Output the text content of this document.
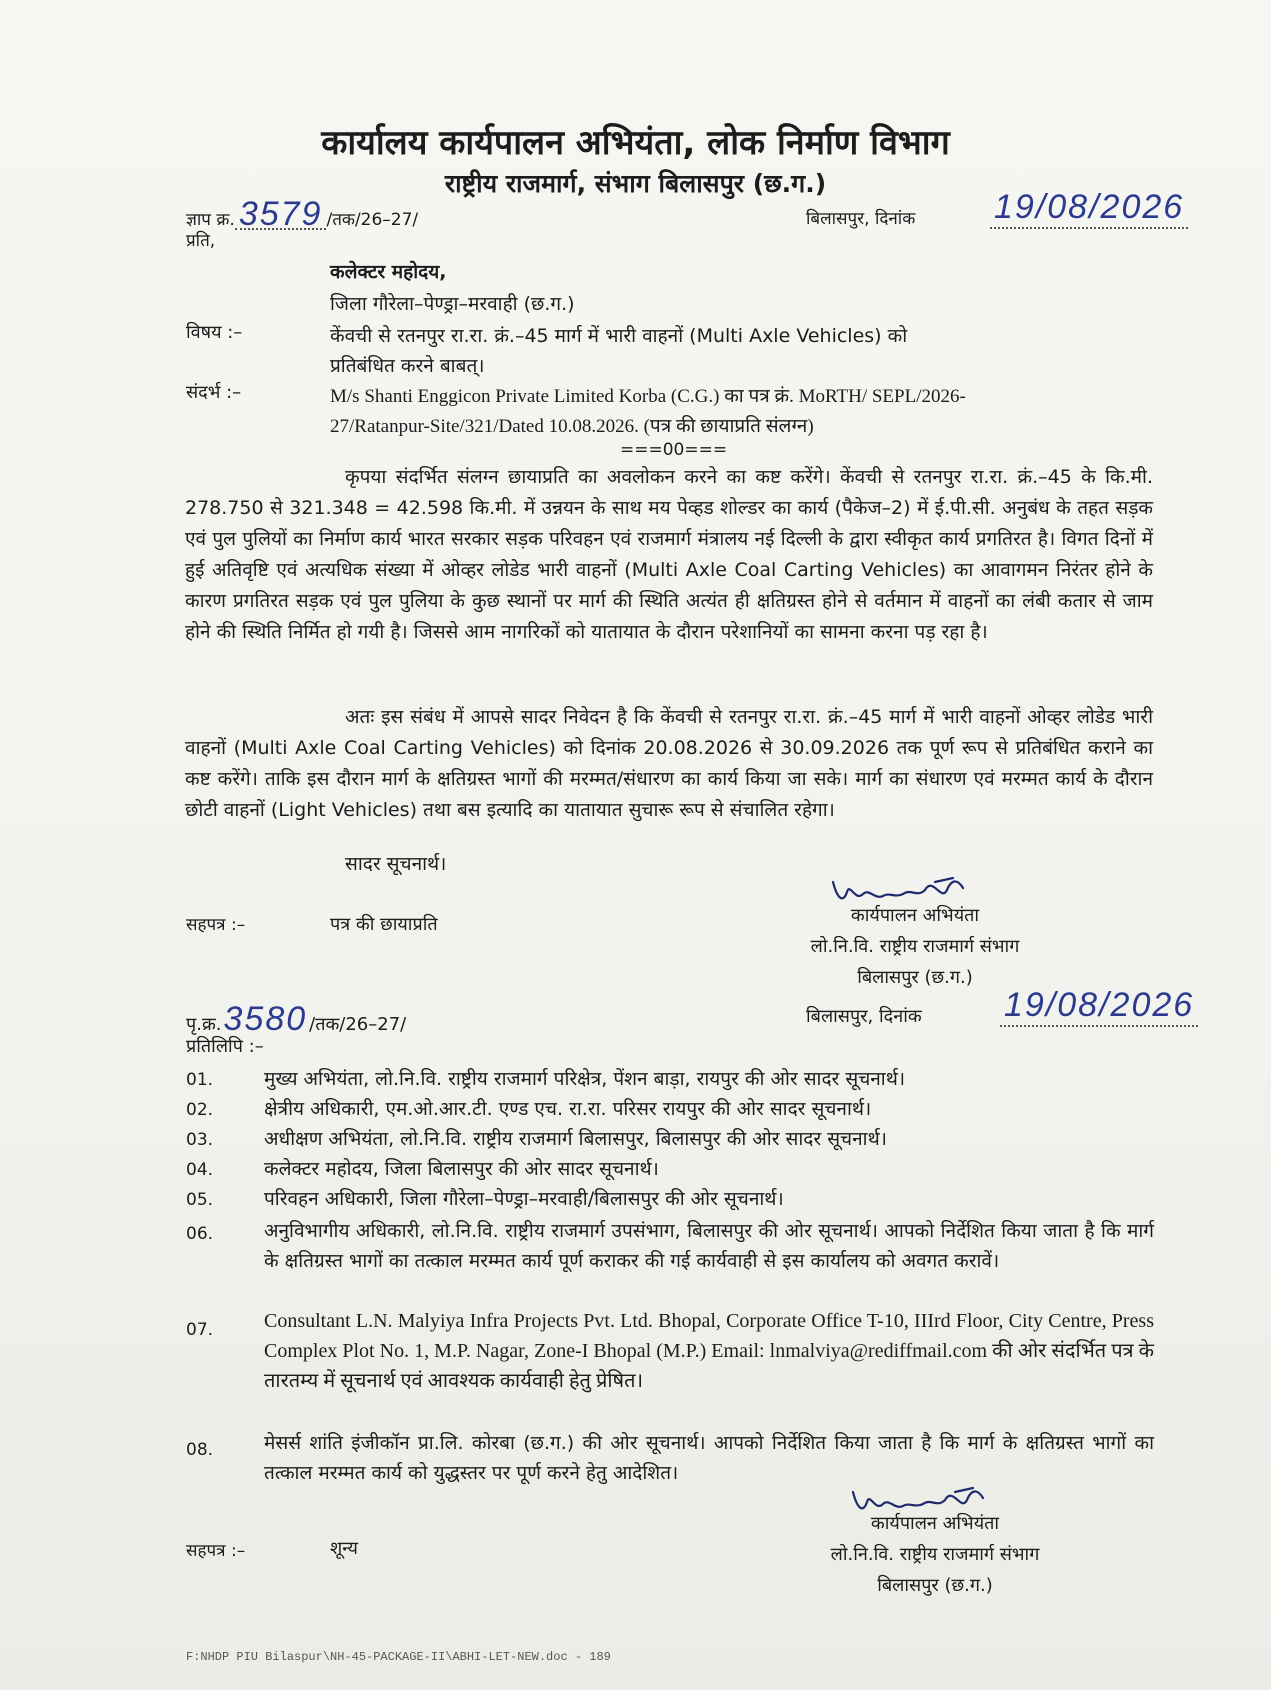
कार्यालय कार्यपालन अभियंता, लोक निर्माण विभाग
राष्ट्रीय राजमार्ग, संभाग बिलासपुर (छ.ग.)
ज्ञाप क्र. 3579 /तक/26–27/	बिलासपुर, दिनांक 19/08/2026
प्रति,
कलेक्टर महोदय,
जिला गौरेला–पेण्ड्रा–मरवाही (छ.ग.)
विषय :–	केंवची से रतनपुर रा.रा. क्रं.–45 मार्ग में भारी वाहनों (Multi Axle Vehicles) को
प्रतिबंधित करने बाबत्।
संदर्भ :–	M/s Shanti Enggicon Private Limited Korba (C.G.) का पत्र क्रं. MoRTH/ SEPL/2026-
27/Ratanpur-Site/321/Dated 10.08.2026. (पत्र की छायाप्रति संलग्न)
===00===
कृपया संदर्भित संलग्न छायाप्रति का अवलोकन करने का कष्ट करेंगे। केंवची से रतनपुर रा.रा. क्रं.–45 के कि.मी. 278.750 से 321.348 = 42.598 कि.मी. में उन्नयन के साथ मय पेव्हड शोल्डर का कार्य (पैकेज–2) में ई.पी.सी. अनुबंध के तहत सड़क एवं पुल पुलियों का निर्माण कार्य भारत सरकार सड़क परिवहन एवं राजमार्ग मंत्रालय नई दिल्ली के द्वारा स्वीकृत कार्य प्रगतिरत है। विगत दिनों में हुई अतिवृष्टि एवं अत्यधिक संख्या में ओव्हर लोडेड भारी वाहनों (Multi Axle Coal Carting Vehicles) का आवागमन निरंतर होने के कारण प्रगतिरत सड़क एवं पुल पुलिया के कुछ स्थानों पर मार्ग की स्थिति अत्यंत ही क्षतिग्रस्त होने से वर्तमान में वाहनों का लंबी कतार से जाम होने की स्थिति निर्मित हो गयी है। जिससे आम नागरिकों को यातायात के दौरान परेशानियों का सामना करना पड़ रहा है।
अतः इस संबंध में आपसे सादर निवेदन है कि केंवची से रतनपुर रा.रा. क्रं.–45 मार्ग में भारी वाहनों ओव्हर लोडेड भारी वाहनों (Multi Axle Coal Carting Vehicles) को दिनांक 20.08.2026 से 30.09.2026 तक पूर्ण रूप से प्रतिबंधित कराने का कष्ट करेंगे। ताकि इस दौरान मार्ग के क्षतिग्रस्त भागों की मरम्मत/संधारण का कार्य किया जा सके। मार्ग का संधारण एवं मरम्मत कार्य के दौरान छोटी वाहनों (Light Vehicles) तथा बस इत्यादि का यातायात सुचारू रूप से संचालित रहेगा।
सादर सूचनार्थ।
सहपत्र :–	पत्र की छायाप्रति	कार्यपालन अभियंता
लो.नि.वि. राष्ट्रीय राजमार्ग संभाग
बिलासपुर (छ.ग.)
पृ.क्र.3580 /तक/26–27/	बिलासपुर, दिनांक 19/08/2026
प्रतिलिपि :–
01.	मुख्य अभियंता, लो.नि.वि. राष्ट्रीय राजमार्ग परिक्षेत्र, पेंशन बाड़ा, रायपुर की ओर सादर सूचनार्थ।
02.	क्षेत्रीय अधिकारी, एम.ओ.आर.टी. एण्ड एच. रा.रा. परिसर रायपुर की ओर सादर सूचनार्थ।
03.	अधीक्षण अभियंता, लो.नि.वि. राष्ट्रीय राजमार्ग बिलासपुर, बिलासपुर की ओर सादर सूचनार्थ।
04.	कलेक्टर महोदय, जिला बिलासपुर की ओर सादर सूचनार्थ।
05.	परिवहन अधिकारी, जिला गौरेला–पेण्ड्रा–मरवाही/बिलासपुर की ओर सूचनार्थ।
06.	अनुविभागीय अधिकारी, लो.नि.वि. राष्ट्रीय राजमार्ग उपसंभाग, बिलासपुर की ओर सूचनार्थ। आपको निर्देशित किया जाता है कि मार्ग के क्षतिग्रस्त भागों का तत्काल मरम्मत कार्य पूर्ण कराकर की गई कार्यवाही से इस कार्यालय को अवगत करावें।
07.	Consultant L.N. Malyiya Infra Projects Pvt. Ltd. Bhopal, Corporate Office T-10, IIIrd Floor, City Centre, Press Complex Plot No. 1, M.P. Nagar, Zone-I Bhopal (M.P.) Email: lnmalviya@rediffmail.com की ओर संदर्भित पत्र के तारतम्य में सूचनार्थ एवं आवश्यक कार्यवाही हेतु प्रेषित।
08.	मेसर्स शांति इंजीकॉन प्रा.लि. कोरबा (छ.ग.) की ओर सूचनार्थ। आपको निर्देशित किया जाता है कि मार्ग के क्षतिग्रस्त भागों का तत्काल मरम्मत कार्य को युद्धस्तर पर पूर्ण करने हेतु आदेशित।
सहपत्र :–	शून्य
कार्यपालन अभियंता
लो.नि.वि. राष्ट्रीय राजमार्ग संभाग
बिलासपुर (छ.ग.)
F:NHDP PIU Bilaspur\NH-45-PACKAGE-II\ABHI-LET-NEW.doc - 189
